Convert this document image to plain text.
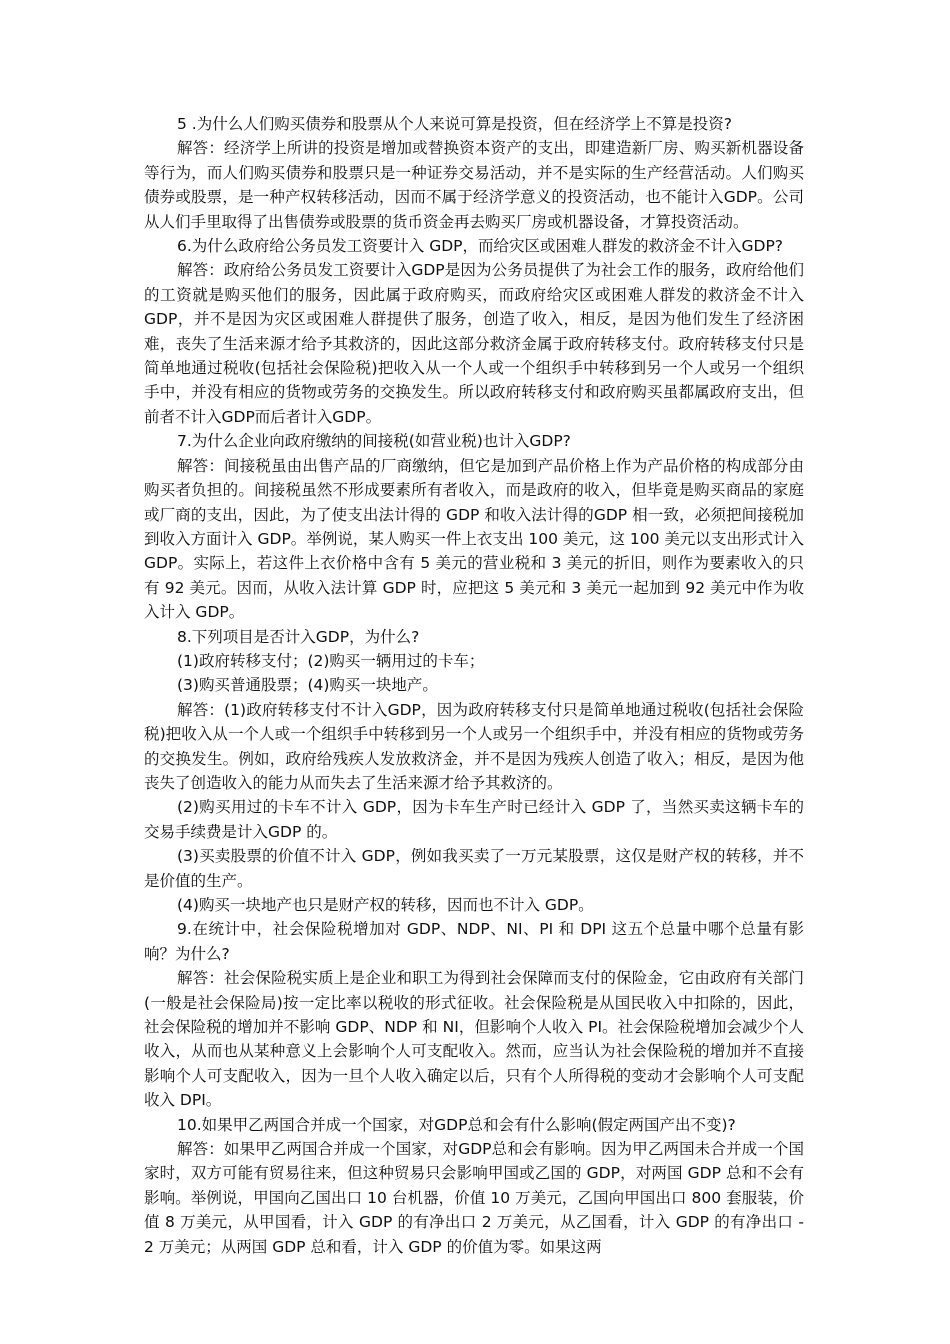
5 .为什么人们购买债券和股票从个人来说可算是投资，但在经济学上不算是投资?

解答：经济学上所讲的投资是增加或替换资本资产的支出，即建造新厂房、购买新机器设备等行为，而人们购买债券和股票只是一种证券交易活动，并不是实际的生产经营活动。人们购买债券或股票，是一种产权转移活动，因而不属于经济学意义的投资活动，也不能计入GDP。公司从人们手里取得了出售债券或股票的货币资金再去购买厂房或机器设备，才算投资活动。

6.为什么政府给公务员发工资要计入 GDP，而给灾区或困难人群发的救济金不计入GDP?

解答：政府给公务员发工资要计入GDP是因为公务员提供了为社会工作的服务，政府给他们的工资就是购买他们的服务，因此属于政府购买，而政府给灾区或困难人群发的救济金不计入GDP，并不是因为灾区或困难人群提供了服务，创造了收入，相反，是因为他们发生了经济困难，丧失了生活来源才给予其救济的，因此这部分救济金属于政府转移支付。政府转移支付只是简单地通过税收(包括社会保险税)把收入从一个人或一个组织手中转移到另一个人或另一个组织手中，并没有相应的货物或劳务的交换发生。所以政府转移支付和政府购买虽都属政府支出，但前者不计入GDP而后者计入GDP。

7.为什么企业向政府缴纳的间接税(如营业税)也计入GDP?

解答：间接税虽由出售产品的厂商缴纳，但它是加到产品价格上作为产品价格的构成部分由购买者负担的。间接税虽然不形成要素所有者收入，而是政府的收入，但毕竟是购买商品的家庭或厂商的支出，因此，为了使支出法计得的 GDP 和收入法计得的GDP 相一致，必须把间接税加到收入方面计入 GDP。举例说，某人购买一件上衣支出 100 美元，这 100 美元以支出形式计入 GDP。实际上，若这件上衣价格中含有 5 美元的营业税和 3 美元的折旧，则作为要素收入的只有 92 美元。因而，从收入法计算 GDP 时，应把这 5 美元和 3 美元一起加到 92 美元中作为收入计入 GDP。

8.下列项目是否计入GDP，为什么?

(1)政府转移支付；(2)购买一辆用过的卡车；

(3)购买普通股票；(4)购买一块地产。

解答：(1)政府转移支付不计入GDP，因为政府转移支付只是简单地通过税收(包括社会保险税)把收入从一个人或一个组织手中转移到另一个人或另一个组织手中，并没有相应的货物或劳务的交换发生。例如，政府给残疾人发放救济金，并不是因为残疾人创造了收入；相反，是因为他丧失了创造收入的能力从而失去了生活来源才给予其救济的。

(2)购买用过的卡车不计入 GDP，因为卡车生产时已经计入 GDP 了，当然买卖这辆卡车的交易手续费是计入GDP 的。

(3)买卖股票的价值不计入 GDP，例如我买卖了一万元某股票，这仅是财产权的转移，并不是价值的生产。

(4)购买一块地产也只是财产权的转移，因而也不计入 GDP。

9.在统计中，社会保险税增加对 GDP、NDP、NI、PI 和 DPI 这五个总量中哪个总量有影响？为什么?

解答：社会保险税实质上是企业和职工为得到社会保障而支付的保险金，它由政府有关部门(一般是社会保险局)按一定比率以税收的形式征收。社会保险税是从国民收入中扣除的，因此，社会保险税的增加并不影响 GDP、NDP 和 NI，但影响个人收入 PI。社会保险税增加会减少个人收入，从而也从某种意义上会影响个人可支配收入。然而，应当认为社会保险税的增加并不直接影响个人可支配收入，因为一旦个人收入确定以后，只有个人所得税的变动才会影响个人可支配收入 DPI。

10.如果甲乙两国合并成一个国家，对GDP总和会有什么影响(假定两国产出不变)?

解答：如果甲乙两国合并成一个国家，对GDP总和会有影响。因为甲乙两国未合并成一个国家时，双方可能有贸易往来，但这种贸易只会影响甲国或乙国的 GDP，对两国 GDP 总和不会有影响。举例说，甲国向乙国出口 10 台机器，价值 10 万美元，乙国向甲国出口 800 套服装，价值 8 万美元，从甲国看，计入 GDP 的有净出口 2 万美元，从乙国看，计入 GDP 的有净出口 - 2 万美元；从两国 GDP 总和看，计入 GDP 的价值为零。如果这两
